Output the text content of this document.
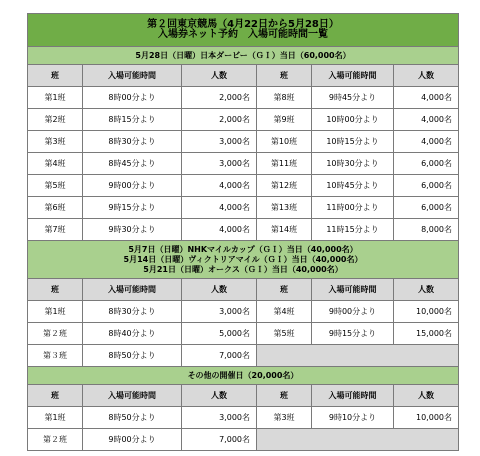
第２回東京競馬（4月22日から5月28日）
入場券ネット予約　入場可能時間一覧					

5月28日（日曜）日本ダービー（ＧＩ）当日（60,000名）					

班	入場可能時間	人数	班	入場可能時間	人数
第1班	8時00分より	2,000名	第8班	9時45分より	4,000名
第2班	8時15分より	2,000名	第9班	10時00分より	4,000名
第3班	8時30分より	3,000名	第10班	10時15分より	4,000名
第4班	8時45分より	3,000名	第11班	10時30分より	6,000名
第5班	9時00分より	4,000名	第12班	10時45分より	6,000名
第6班	9時15分より	4,000名	第13班	11時00分より	6,000名
第7班	9時30分より	4,000名	第14班	11時15分より	8,000名

5月7日（日曜）NHKマイルカップ（ＧＩ）当日（40,000名）
5月14日（日曜）ヴィクトリアマイル（ＧＩ）当日（40,000名）
5月21日（日曜）オークス（ＧＩ）当日（40,000名）					

班	入場可能時間	人数	班	入場可能時間	人数
第1班	8時30分より	3,000名	第4班	9時00分より	10,000名
第２班	8時40分より	5,000名	第5班	9時15分より	15,000名
第３班	8時50分より	7,000名			

その他の開催日（20,000名）					

班	入場可能時間	人数	班	入場可能時間	人数
第1班	8時50分より	3,000名	第3班	9時10分より	10,000名
第２班	9時00分より	7,000名			
